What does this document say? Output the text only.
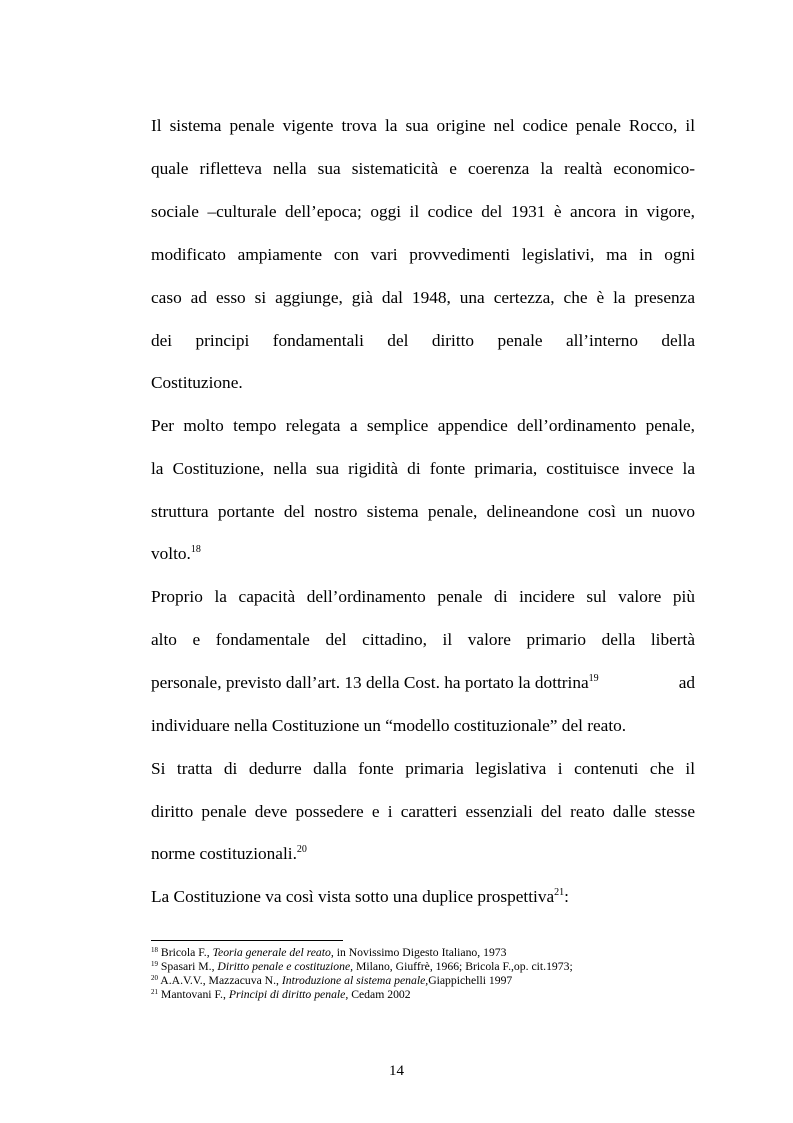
Il sistema penale vigente trova la sua origine nel codice penale Rocco, il
quale rifletteva nella sua sistematicità e coerenza la realtà economico-
sociale –culturale dell’epoca; oggi il codice del 1931 è ancora in vigore,
modificato ampiamente con vari provvedimenti legislativi, ma in ogni
caso ad esso si aggiunge, già dal 1948, una certezza, che è la presenza
dei principi fondamentali del diritto penale all’interno della
Costituzione.
Per molto tempo relegata a semplice appendice dell’ordinamento penale,
la Costituzione, nella sua rigidità di fonte primaria, costituisce invece la
struttura portante del nostro sistema penale, delineandone così un nuovo
volto.$^{18}$
Proprio la capacità dell’ordinamento penale di incidere sul valore più
alto e fondamentale del cittadino, il valore primario della libertà
personale, previsto dall’art. 13 della Cost. ha portato la dottrina$^{19}$	ad
individuare nella Costituzione un “modello costituzionale” del reato.
Si tratta di dedurre dalla fonte primaria legislativa i contenuti che il
diritto penale deve possedere e i caratteri essenziali del reato dalle stesse
norme costituzionali.$^{20}$
La Costituzione va così vista sotto una duplice prospettiva$^{21}$:
$^{18}$ Bricola F., Teoria generale del reato, in Novissimo Digesto Italiano, 1973
$^{19}$ Spasari M., Diritto penale e costituzione, Milano, Giuffrè, 1966; Bricola F.,op. cit.1973;
$^{20}$ A.A.V.V., Mazzacuva N., Introduzione al sistema penale,Giappichelli 1997
$^{21}$ Mantovani F., Principi di diritto penale, Cedam 2002
14
